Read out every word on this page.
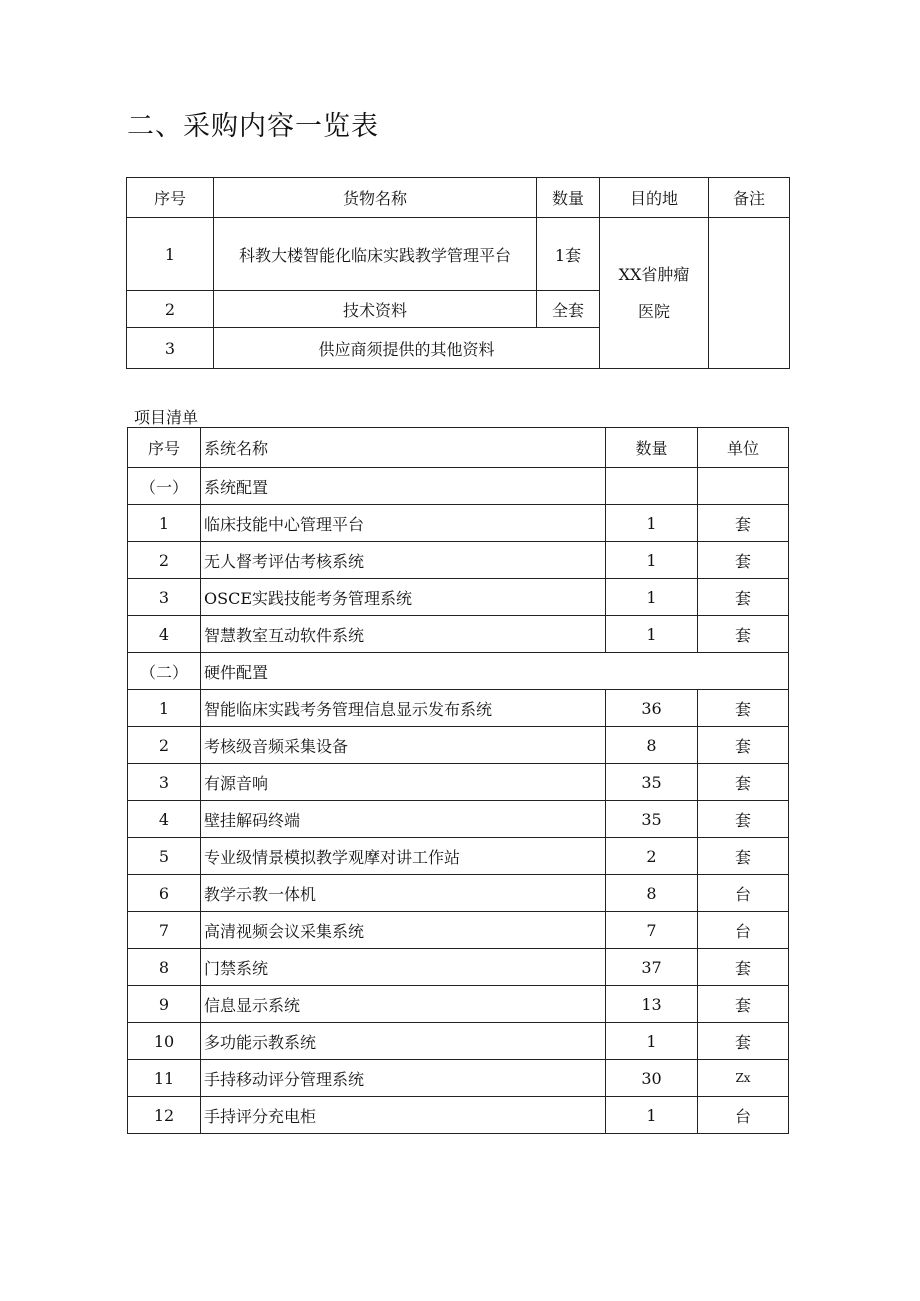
二、采购内容一览表
序号	货物名称	数量	目的地	备注
1	科教大楼智能化临床实践教学管理平台	1套	XX省肿瘤
医院	

2	技术资料	全套		
3	供应商须提供的其他资料			
项目清单
序号	系统名称	数量	单位
（一）	系统配置		
1	临床技能中心管理平台	1	套
2	无人督考评估考核系统	1	套
3	OSCE实践技能考务管理系统	1	套
4	智慧教室互动软件系统	1	套
（二）	硬件配置		
1	智能临床实践考务管理信息显示发布系统	36	套
2	考核级音频采集设备	8	套
3	有源音响	35	套
4	壁挂解码终端	35	套
5	专业级情景模拟教学观摩对讲工作站	2	套
6	教学示教一体机	8	台
7	高清视频会议采集系统	7	台
8	门禁系统	37	套
9	信息显示系统	13	套
10	多功能示教系统	1	套
11	手持移动评分管理系统	30	Zx
12	手持评分充电柜	1	台
